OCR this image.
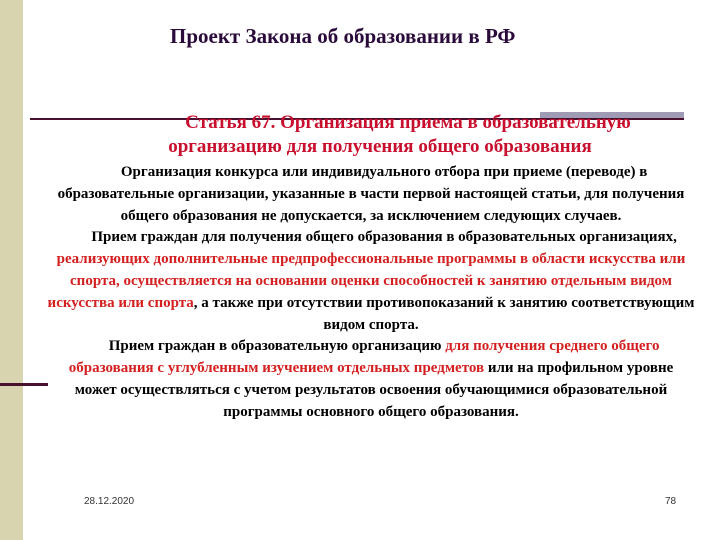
Проект Закона об образовании в РФ
Статья 67. Организация приема в образовательную
организацию для получения общего образования

Организация конкурса или индивидуального отбора при приеме (переводе) в образовательные организации, указанные в части первой настоящей статьи, для получения общего образования не допускается, за исключением следующих случаев.

Прием граждан для получения общего образования в образовательных организациях, реализующих дополнительные предпрофессиональные программы в области искусства или спорта, осуществляется на основании оценки способностей к занятию отдельным видом искусства или спорта, а также при отсутствии противопоказаний к занятию соответствующим видом спорта.

Прием граждан в образовательную организацию для получения среднего общего образования с углубленным изучением отдельных предметов или на профильном уровне может осуществляться с учетом результатов освоения обучающимися образовательной программы основного общего образования.

28.12.2020	78
